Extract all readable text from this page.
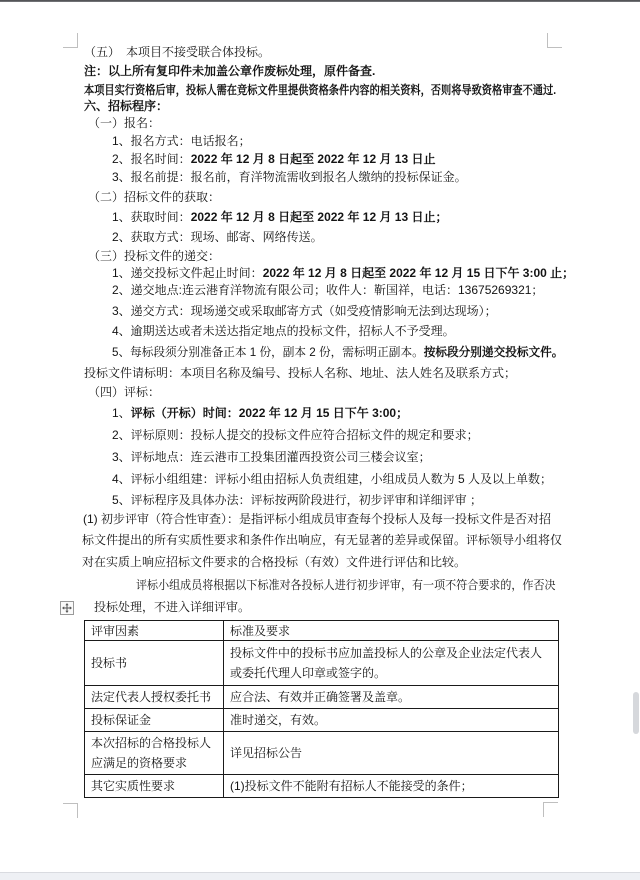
（五）　本项目不接受联合体投标。
注：以上所有复印件未加盖公章作废标处理，原件备查.
本项目实行资格后审，投标人需在竞标文件里提供资格条件内容的相关资料，否则将导致资格审查不通过.
六、招标程序：
（一）报名：
1、报名方式：电话报名；
2、报名时间：2022 年 12 月 8 日起至 2022 年 12 月 13 日止
3、报名前提：报名前，育洋物流需收到报名人缴纳的投标保证金。
（二）招标文件的获取：
1、获取时间：2022 年 12 月 8 日起至 2022 年 12 月 13 日止；
2、获取方式：现场、邮寄、网络传送。
（三）投标文件的递交：
1、递交投标文件起止时间：2022 年 12 月 8 日起至 2022 年 12 月 15 日下午 3:00 止；
2、递交地点:连云港育洋物流有限公司；收件人：靳国祥，电话：13675269321；
3、递交方式：现场递交或采取邮寄方式（如受疫情影响无法到达现场）；
4、逾期送达或者未送达指定地点的投标文件，招标人不予受理。
5、每标段须分别准备正本 1 份，副本 2 份，需标明正副本。按标段分别递交投标文件。
投标文件请标明：本项目名称及编号、投标人名称、地址、法人姓名及联系方式；
（四）评标：
1、评标（开标）时间：2022 年 12 月 15 日下午 3:00；
2、评标原则：投标人提交的投标文件应符合招标文件的规定和要求；
3、评标地点：连云港市工投集团灌西投资公司三楼会议室；
4、评标小组组建：评标小组由招标人负责组建，小组成员人数为 5 人及以上单数；
5、评标程序及具体办法：评标按两阶段进行，初步评审和详细评审 ；
(1) 初步评审（符合性审查）：是指评标小组成员审查每个投标人及每一投标文件是否对招
标文件提出的所有实质性要求和条件作出响应，有无显著的差异或保留。评标领导小组将仅
对在实质上响应招标文件要求的合格投标（有效）文件进行评估和比较。
评标小组成员将根据以下标准对各投标人进行初步评审，有一项不符合要求的，作否决
投标处理，不进入详细评审。
评审因素	标准及要求
投标书	投标文件中的投标书应加盖投标人的公章及企业法定代表人或委托代理人印章或签字的。
法定代表人授权委托书	应合法、有效并正确签署及盖章。
投标保证金	准时递交，有效。
本次招标的合格投标人应满足的资格要求	详见招标公告
其它实质性要求	(1)投标文件不能附有招标人不能接受的条件；
